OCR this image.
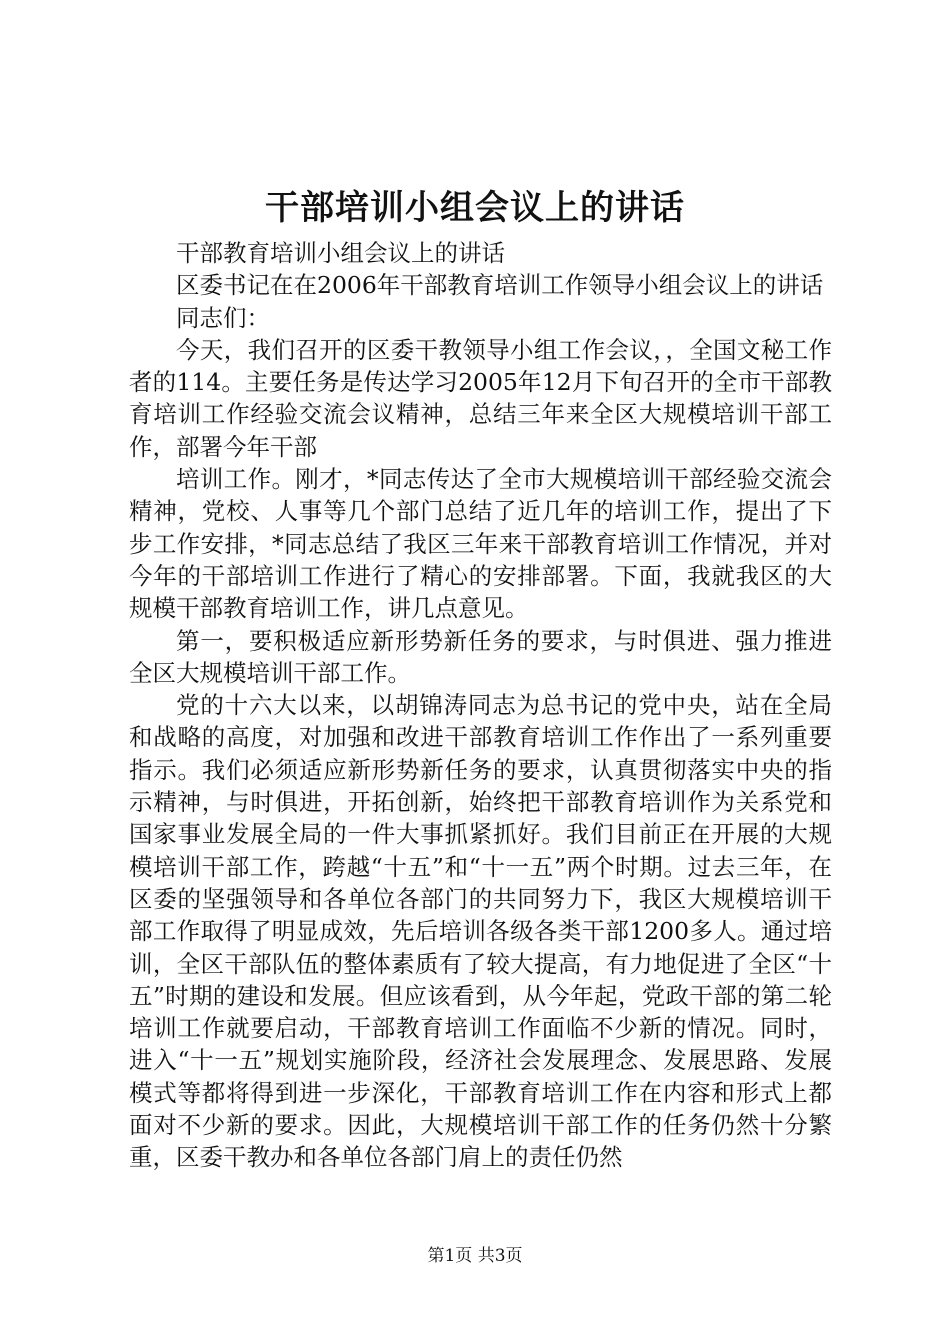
干部培训小组会议上的讲话

干部教育培训小组会议上的讲话

区委书记在在2006年干部教育培训工作领导小组会议上的讲话

同志们：

今天，我们召开的区委干教领导小组工作会议，，全国文秘工作者的114。主要任务是传达学习2005年12月下旬召开的全市干部教育培训工作经验交流会议精神，总结三年来全区大规模培训干部工作，部署今年干部

培训工作。刚才，*同志传达了全市大规模培训干部经验交流会精神，党校、人事等几个部门总结了近几年的培训工作，提出了下步工作安排，*同志总结了我区三年来干部教育培训工作情况，并对今年的干部培训工作进行了精心的安排部署。下面，我就我区的大规模干部教育培训工作，讲几点意见。

第一，要积极适应新形势新任务的要求，与时俱进、强力推进全区大规模培训干部工作。

党的十六大以来，以胡锦涛同志为总书记的党中央，站在全局和战略的高度，对加强和改进干部教育培训工作作出了一系列重要指示。我们必须适应新形势新任务的要求，认真贯彻落实中央的指示精神，与时俱进，开拓创新，始终把干部教育培训作为关系党和国家事业发展全局的一件大事抓紧抓好。我们目前正在开展的大规模培训干部工作，跨越“十五”和“十一五”两个时期。过去三年，在区委的坚强领导和各单位各部门的共同努力下，我区大规模培训干部工作取得了明显成效，先后培训各级各类干部1200多人。通过培训，全区干部队伍的整体素质有了较大提高，有力地促进了全区“十五”时期的建设和发展。但应该看到，从今年起，党政干部的第二轮培训工作就要启动，干部教育培训工作面临不少新的情况。同时，进入“十一五”规划实施阶段，经济社会发展理念、发展思路、发展模式等都将得到进一步深化，干部教育培训工作在内容和形式上都面对不少新的要求。因此，大规模培训干部工作的任务仍然十分繁重，区委干教办和各单位各部门肩上的责任仍然

第1页 共3页
